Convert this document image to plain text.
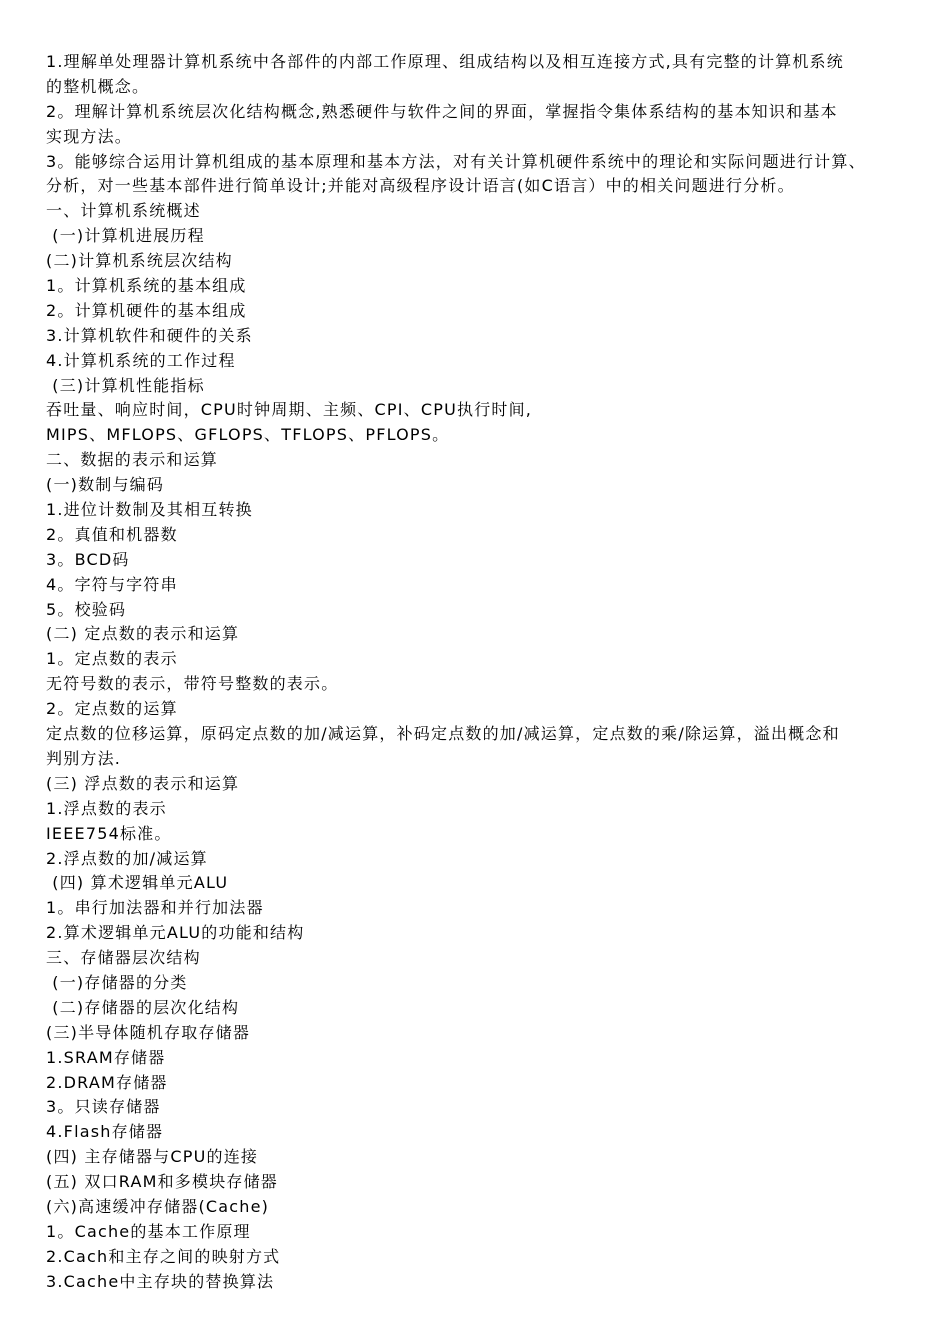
1.理解单处理器计算机系统中各部件的内部工作原理、组成结构以及相互连接方式,具有完整的计算机系统
的整机概念。
2。理解计算机系统层次化结构概念,熟悉硬件与软件之间的界面，掌握指令集体系结构的基本知识和基本
实现方法。
3。能够综合运用计算机组成的基本原理和基本方法，对有关计算机硬件系统中的理论和实际问题进行计算、
分析，对一些基本部件进行简单设计;并能对高级程序设计语言(如C语言）中的相关问题进行分析。
一、计算机系统概述
(一)计算机进展历程
(二)计算机系统层次结构
1。计算机系统的基本组成
2。计算机硬件的基本组成
3.计算机软件和硬件的关系
4.计算机系统的工作过程
(三)计算机性能指标
吞吐量、响应时间，CPU时钟周期、主频、CPI、CPU执行时间,
MIPS、MFLOPS、GFLOPS、TFLOPS、PFLOPS。
二、数据的表示和运算
(一)数制与编码
1.进位计数制及其相互转换
2。真值和机器数
3。BCD码
4。字符与字符串
5。校验码
(二) 定点数的表示和运算
1。定点数的表示
无符号数的表示，带符号整数的表示。
2。定点数的运算
定点数的位移运算，原码定点数的加/减运算，补码定点数的加/减运算，定点数的乘/除运算，溢出概念和
判别方法.
(三) 浮点数的表示和运算
1.浮点数的表示
IEEE754标准。
2.浮点数的加/减运算
(四) 算术逻辑单元ALU
1。串行加法器和并行加法器
2.算术逻辑单元ALU的功能和结构
三、存储器层次结构
(一)存储器的分类
(二)存储器的层次化结构
(三)半导体随机存取存储器
1.SRAM存储器
2.DRAM存储器
3。只读存储器
4.Flash存储器
(四) 主存储器与CPU的连接
(五) 双口RAM和多模块存储器
(六)高速缓冲存储器(Cache)
1。Cache的基本工作原理
2.Cach和主存之间的映射方式
3.Cache中主存块的替换算法
